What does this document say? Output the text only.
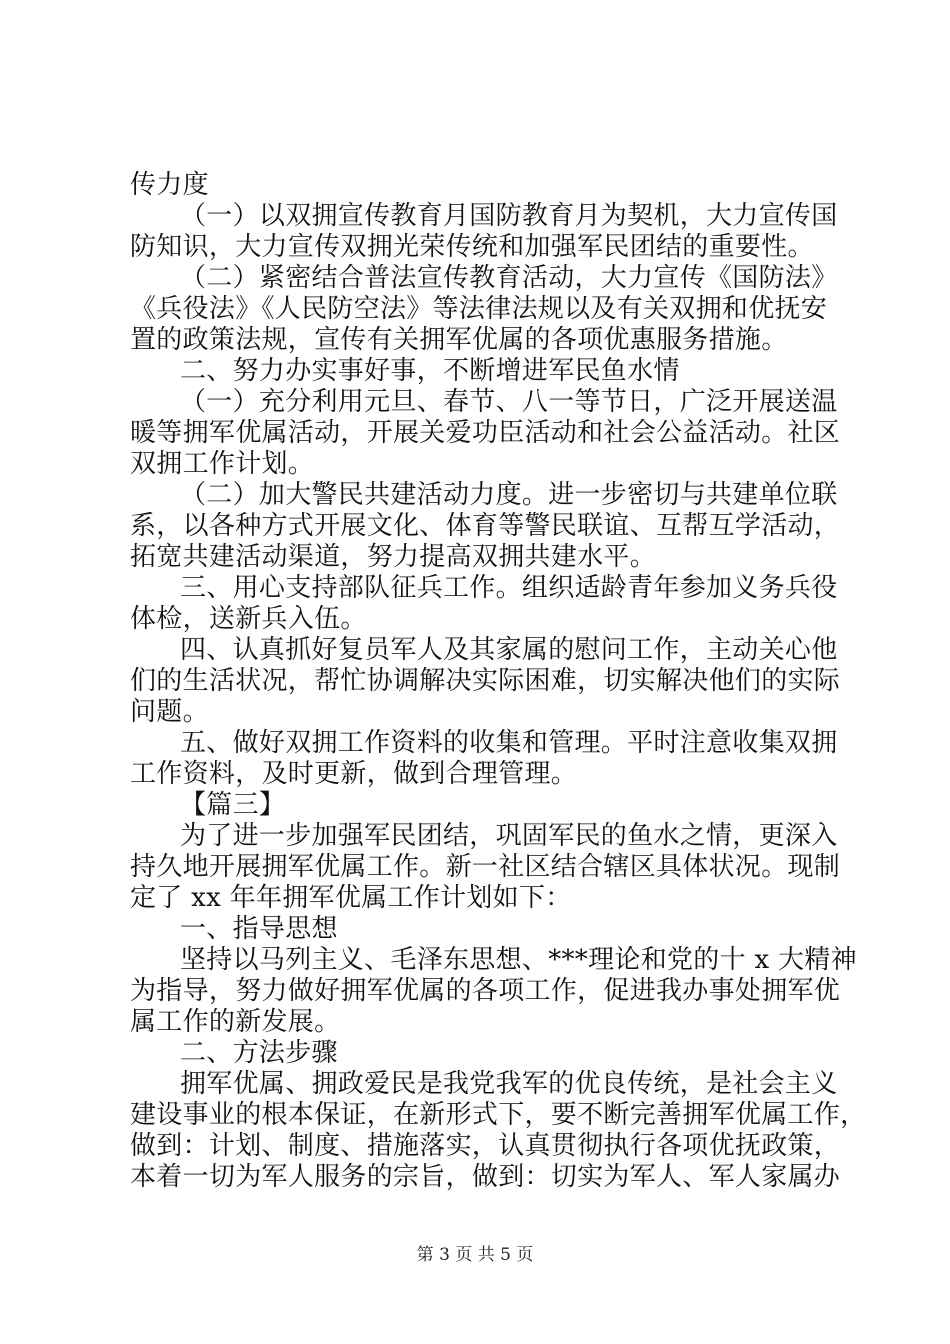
传力度
（一）以双拥宣传教育月国防教育月为契机，大力宣传国
防知识，大力宣传双拥光荣传统和加强军民团结的重要性。
（二）紧密结合普法宣传教育活动，大力宣传《国防法》
《兵役法》《人民防空法》等法律法规以及有关双拥和优抚安
置的政策法规，宣传有关拥军优属的各项优惠服务措施。
二、努力办实事好事，不断增进军民鱼水情
（一）充分利用元旦、春节、八一等节日，广泛开展送温
暖等拥军优属活动，开展关爱功臣活动和社会公益活动。社区
双拥工作计划。
（二）加大警民共建活动力度。进一步密切与共建单位联
系，以各种方式开展文化、体育等警民联谊、互帮互学活动，
拓宽共建活动渠道，努力提高双拥共建水平。
三、用心支持部队征兵工作。组织适龄青年参加义务兵役
体检，送新兵入伍。
四、认真抓好复员军人及其家属的慰问工作，主动关心他
们的生活状况，帮忙协调解决实际困难，切实解决他们的实际
问题。
五、做好双拥工作资料的收集和管理。平时注意收集双拥
工作资料，及时更新，做到合理管理。
【篇三】
为了进一步加强军民团结，巩固军民的鱼水之情，更深入
持久地开展拥军优属工作。新一社区结合辖区具体状况。现制
定了 xx 年年拥军优属工作计划如下：
一、指导思想
坚持以马列主义、毛泽东思想、***理论和党的十 x 大精神
为指导，努力做好拥军优属的各项工作，促进我办事处拥军优
属工作的新发展。
二、方法步骤
拥军优属、拥政爱民是我党我军的优良传统，是社会主义
建设事业的根本保证，在新形式下，要不断完善拥军优属工作，
做到：计划、制度、措施落实，认真贯彻执行各项优抚政策，
本着一切为军人服务的宗旨，做到：切实为军人、军人家属办
第 3 页 共 5 页
